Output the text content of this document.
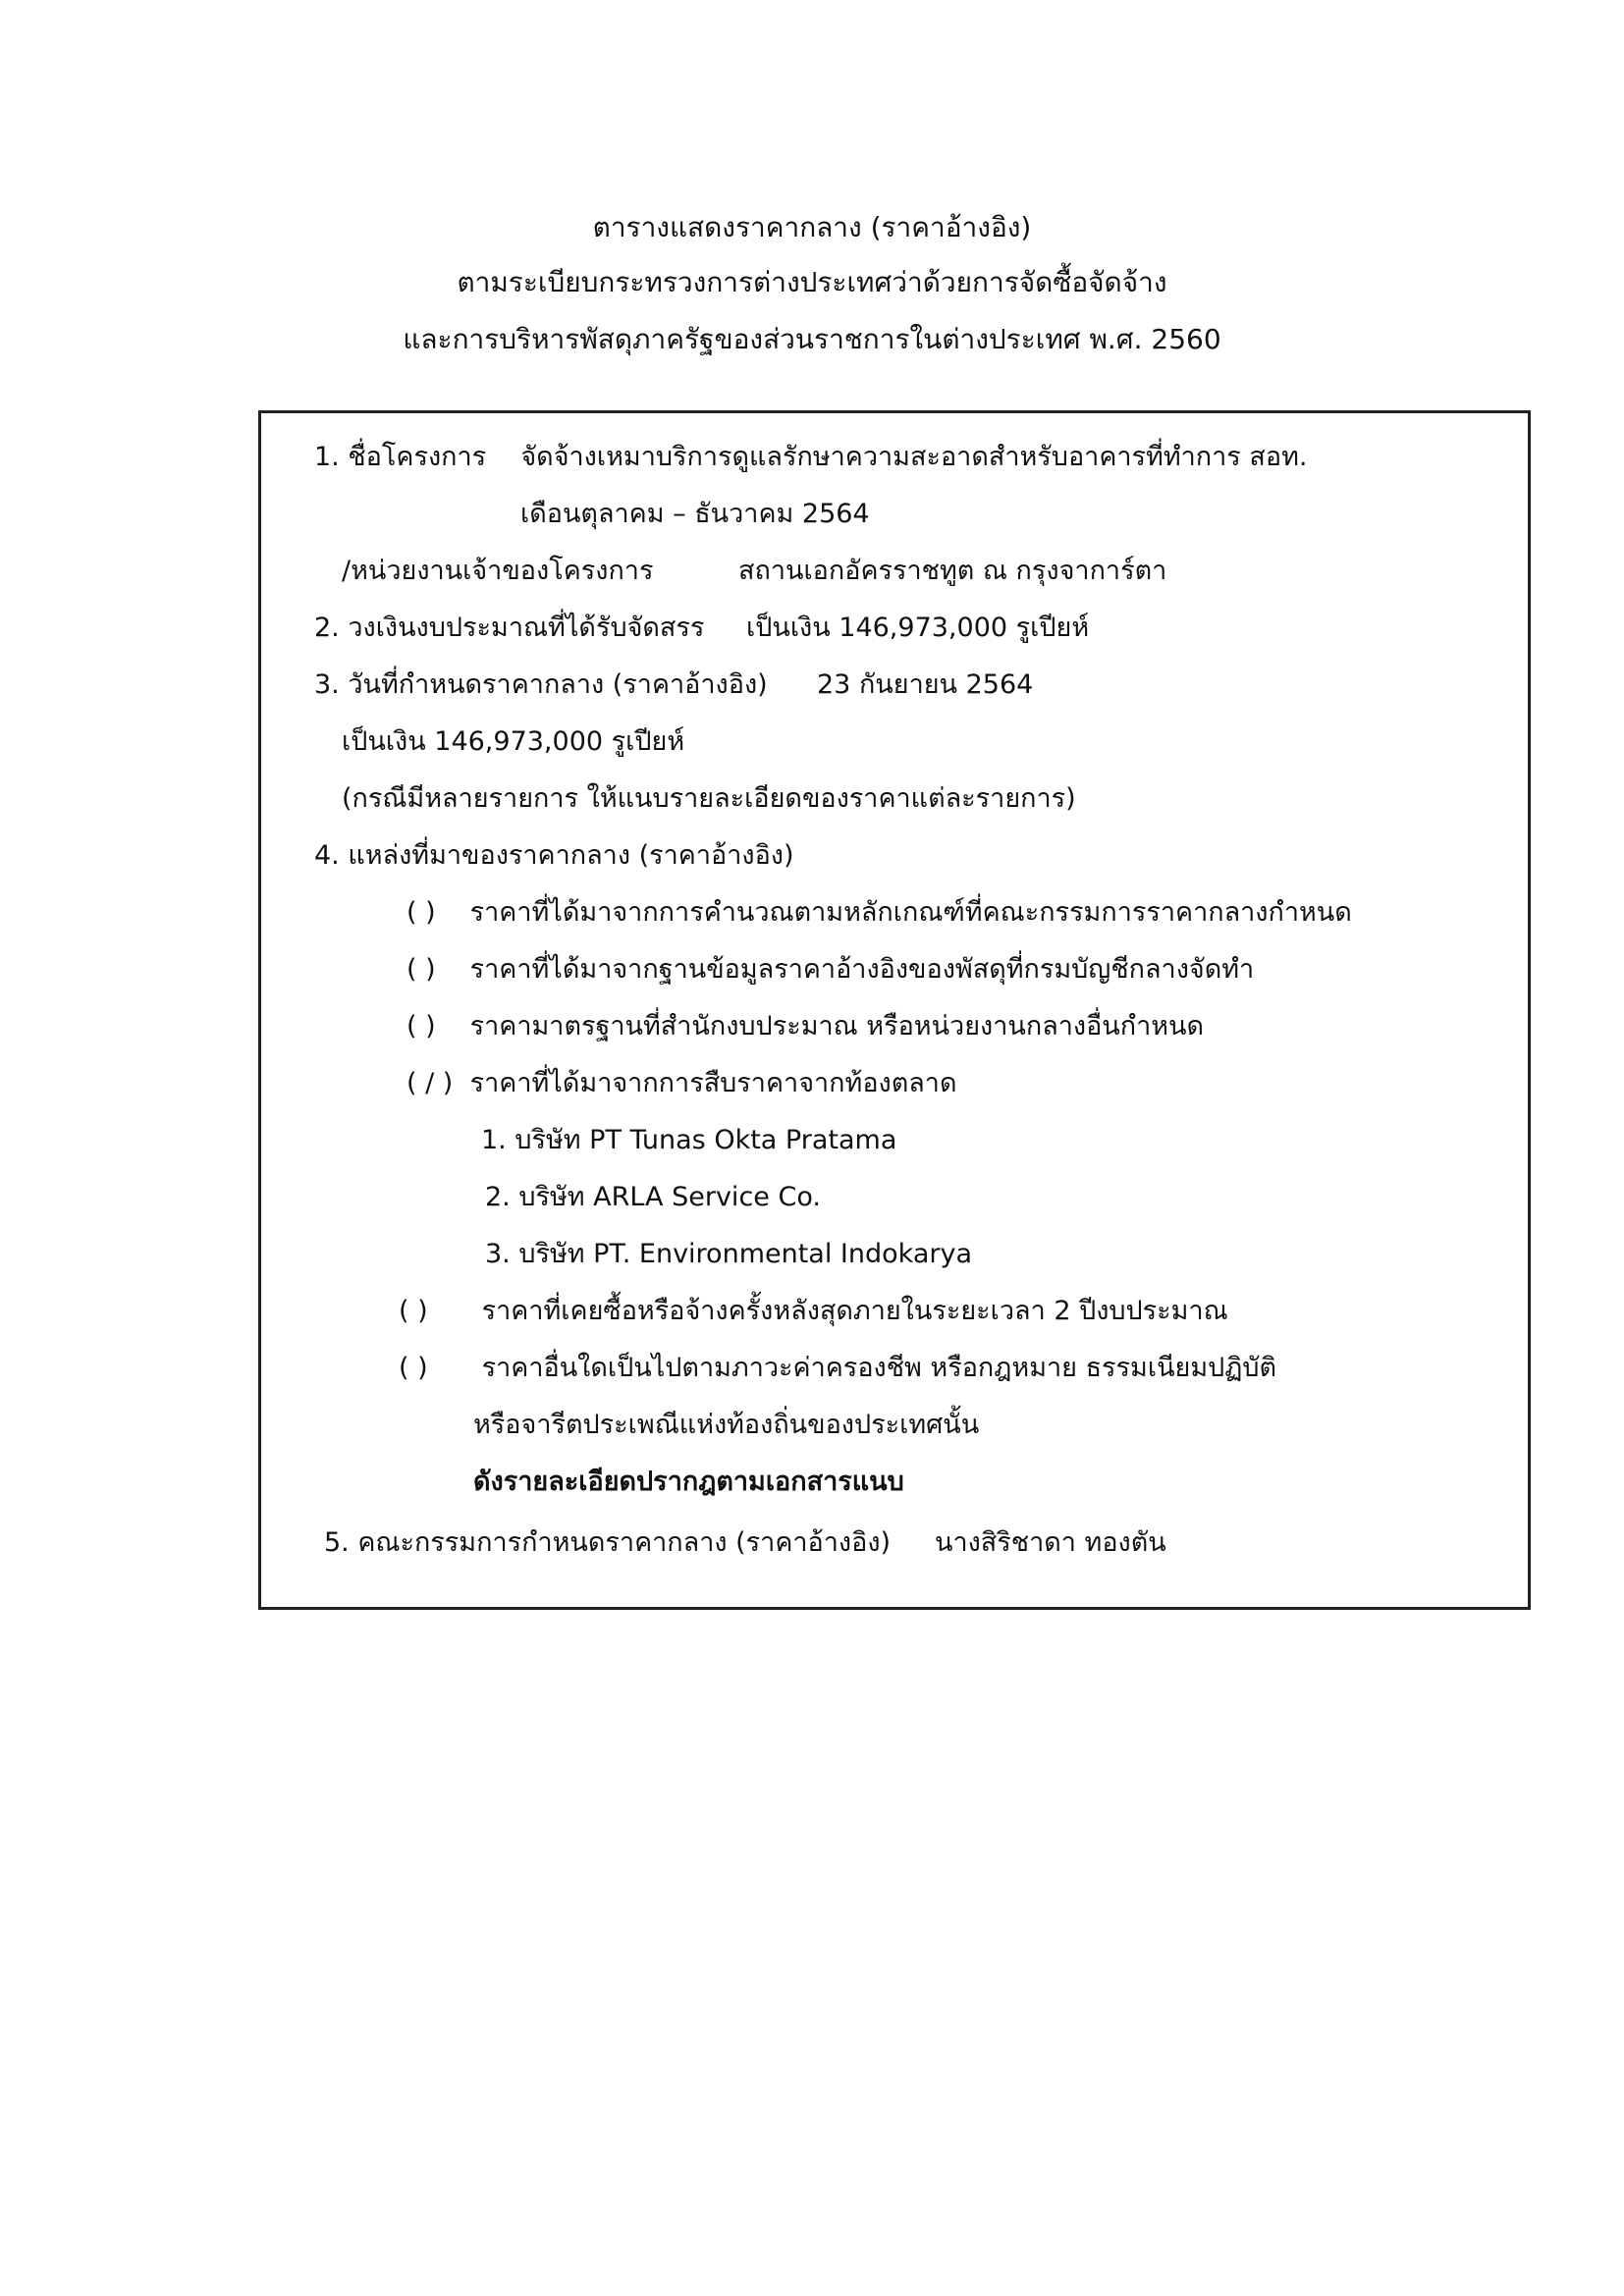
ตารางแสดงราคากลาง (ราคาอ้างอิง)
ตามระเบียบกระทรวงการต่างประเทศว่าด้วยการจัดซื้อจัดจ้าง
และการบริหารพัสดุภาครัฐของส่วนราชการในต่างประเทศ พ.ศ. 2560
1. ชื่อโครงการ จัดจ้างเหมาบริการดูแลรักษาความสะอาดสำหรับอาคารที่ทำการ สอท.
เดือนตุลาคม – ธันวาคม 2564
/หน่วยงานเจ้าของโครงการ	สถานเอกอัครราชทูต ณ กรุงจาการ์ตา
2. วงเงินงบประมาณที่ได้รับจัดสรร เป็นเงิน 146,973,000 รูเปียห์
3. วันที่กำหนดราคากลาง (ราคาอ้างอิง) 23 กันยายน 2564
เป็นเงิน 146,973,000 รูเปียห์
(กรณีมีหลายรายการ ให้แนบรายละเอียดของราคาแต่ละรายการ)
4. แหล่งที่มาของราคากลาง (ราคาอ้างอิง)
( ) ราคาที่ได้มาจากการคำนวณตามหลักเกณฑ์ที่คณะกรรมการราคากลางกำหนด
( ) ราคาที่ได้มาจากฐานข้อมูลราคาอ้างอิงของพัสดุที่กรมบัญชีกลางจัดทำ
( ) ราคามาตรฐานที่สำนักงบประมาณ หรือหน่วยงานกลางอื่นกำหนด
( / ) ราคาที่ได้มาจากการสืบราคาจากท้องตลาด
1. บริษัท PT Tunas Okta Pratama
2. บริษัท ARLA Service Co.
3. บริษัท PT. Environmental Indokarya
( ) ราคาที่เคยซื้อหรือจ้างครั้งหลังสุดภายในระยะเวลา 2 ปีงบประมาณ
( ) ราคาอื่นใดเป็นไปตามภาวะค่าครองชีพ หรือกฎหมาย ธรรมเนียมปฏิบัติ
หรือจารีตประเพณีแห่งท้องถิ่นของประเทศนั้น
ดังรายละเอียดปรากฎตามเอกสารแนบ
5. คณะกรรมการกำหนดราคากลาง (ราคาอ้างอิง) นางสิริชาดา ทองตัน
